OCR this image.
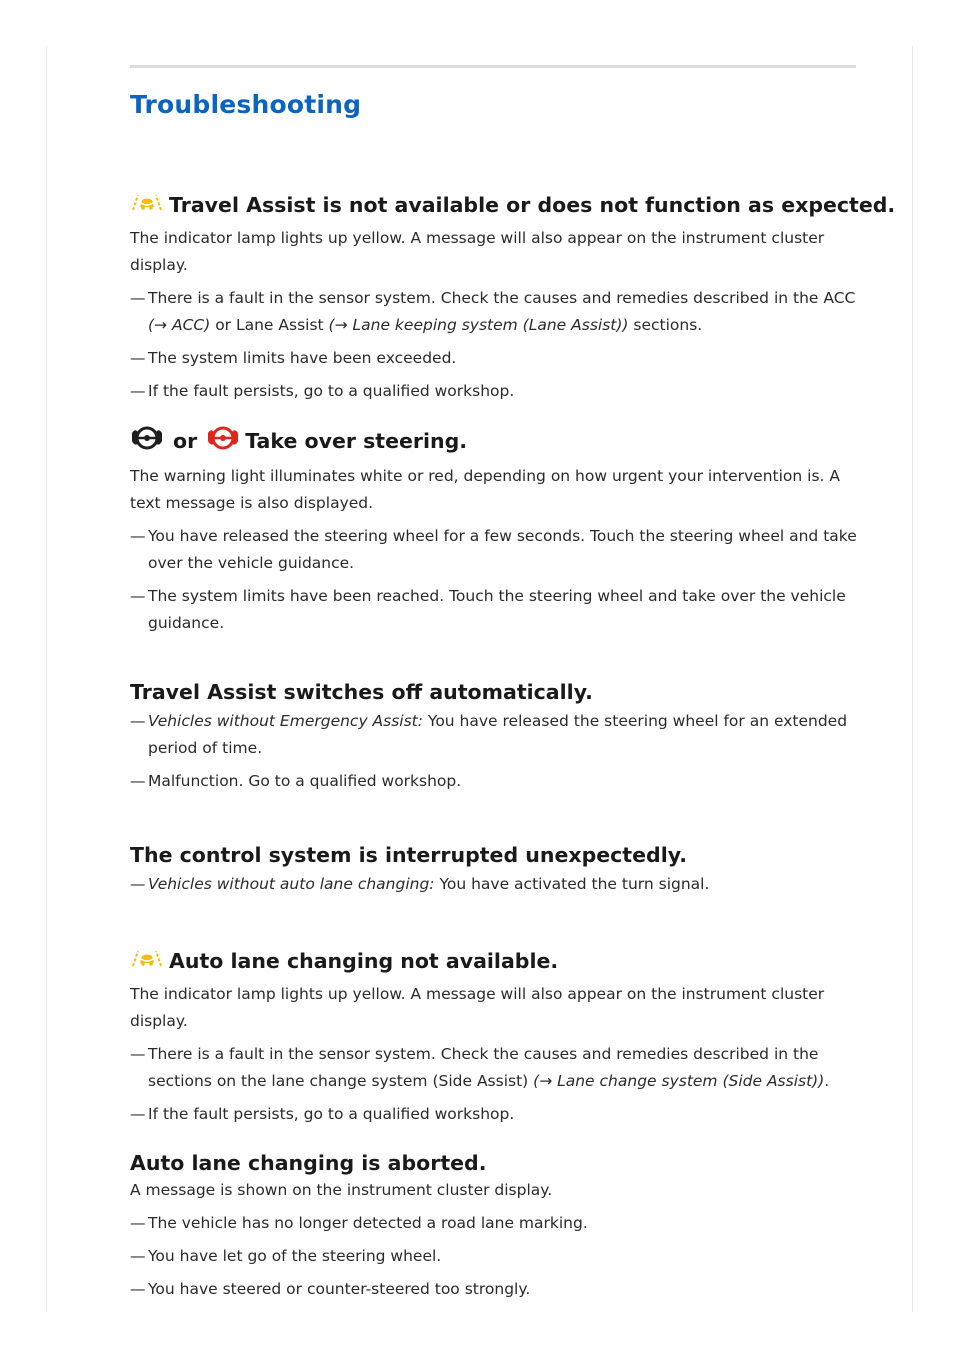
Troubleshooting
Travel Assist is not available or does not function as expected.

The indicator lamp lights up yellow. A message will also appear on the instrument cluster display.

— There is a fault in the sensor system. Check the causes and remedies described in the ACC (→ ACC) or Lane Assist (→ Lane keeping system (Lane Assist)) sections.
— The system limits have been exceeded.
— If the fault persists, go to a qualified workshop.
or Take over steering.

The warning light illuminates white or red, depending on how urgent your intervention is. A text message is also displayed.

— You have released the steering wheel for a few seconds. Touch the steering wheel and take over the vehicle guidance.
— The system limits have been reached. Touch the steering wheel and take over the vehicle guidance.
Travel Assist switches off automatically.
— Vehicles without Emergency Assist: You have released the steering wheel for an extended period of time.
— Malfunction. Go to a qualified workshop.
The control system is interrupted unexpectedly.
— Vehicles without auto lane changing: You have activated the turn signal.
Auto lane changing not available.

The indicator lamp lights up yellow. A message will also appear on the instrument cluster display.

— There is a fault in the sensor system. Check the causes and remedies described in the sections on the lane change system (Side Assist) (→ Lane change system (Side Assist)).
— If the fault persists, go to a qualified workshop.
Auto lane changing is aborted.

A message is shown on the instrument cluster display.

— The vehicle has no longer detected a road lane marking.
— You have let go of the steering wheel.
— You have steered or counter-steered too strongly.
